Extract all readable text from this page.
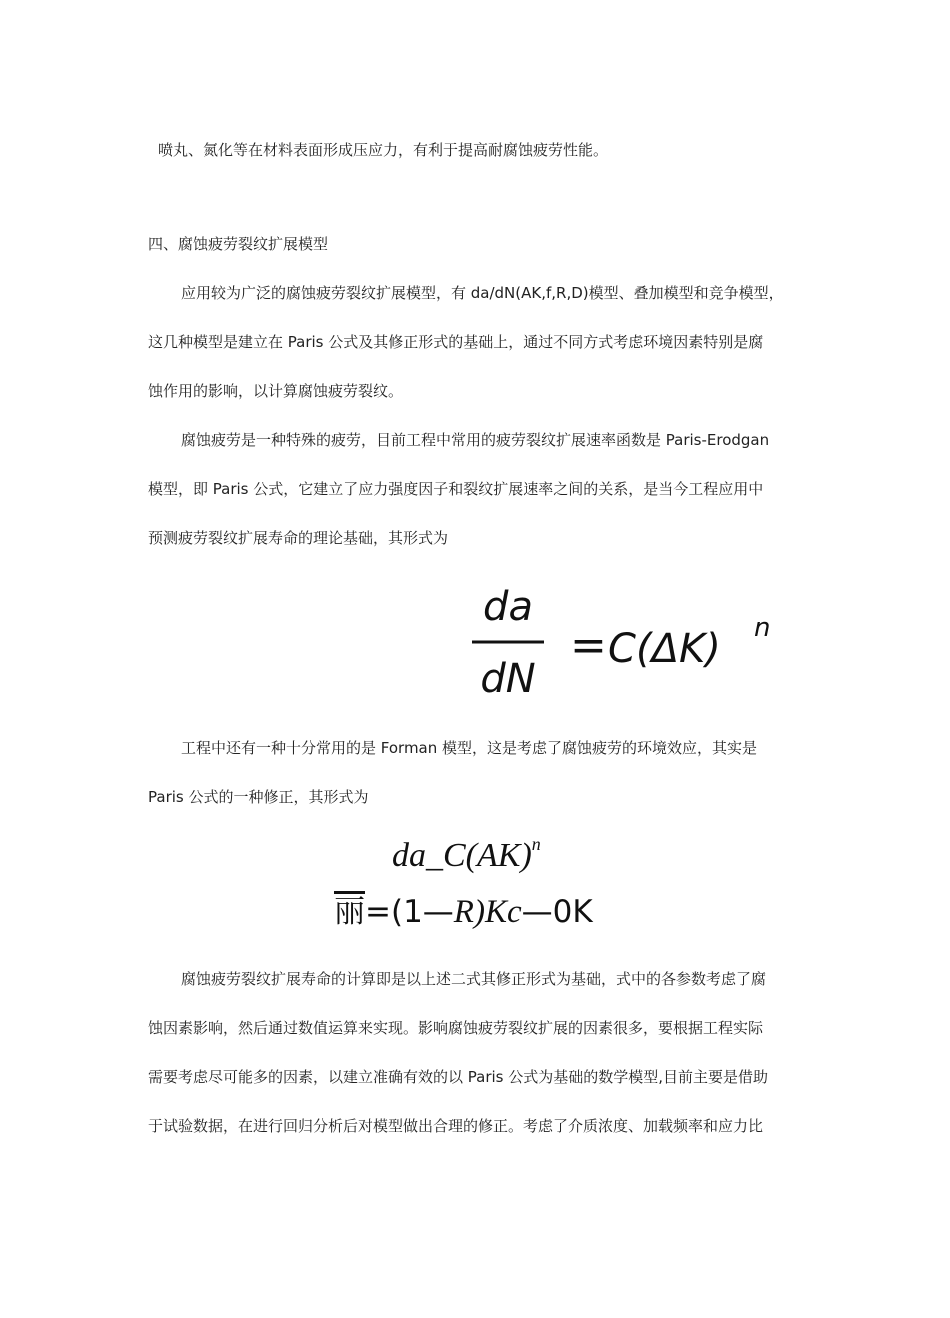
喷丸、氮化等在材料表面形成压应力，有利于提高耐腐蚀疲劳性能。
四、腐蚀疲劳裂纹扩展模型
应用较为广泛的腐蚀疲劳裂纹扩展模型，有 da/dN(AK,f,R,D)模型、叠加模型和竞争模型，
这几种模型是建立在 Paris 公式及其修正形式的基础上，通过不同方式考虑环境因素特别是腐
蚀作用的影响，以计算腐蚀疲劳裂纹。
腐蚀疲劳是一种特殊的疲劳，目前工程中常用的疲劳裂纹扩展速率函数是 Paris-Erodgan
模型，即 Paris 公式，它建立了应力强度因子和裂纹扩展速率之间的关系，是当今工程应用中
预测疲劳裂纹扩展寿命的理论基础，其形式为
da
dN
= C (ΔK) n
工程中还有一种十分常用的是 Forman 模型，这是考虑了腐蚀疲劳的环境效应，其实是
Paris 公式的一种修正，其形式为
da_C(AK)$^n$
丽=(1—R)Kc—0K
腐蚀疲劳裂纹扩展寿命的计算即是以上述二式其修正形式为基础，式中的各参数考虑了腐
蚀因素影响，然后通过数值运算来实现。影响腐蚀疲劳裂纹扩展的因素很多，要根据工程实际
需要考虑尽可能多的因素，以建立准确有效的以 Paris 公式为基础的数学模型,目前主要是借助
于试验数据，在进行回归分析后对模型做出合理的修正。考虑了介质浓度、加载频率和应力比
